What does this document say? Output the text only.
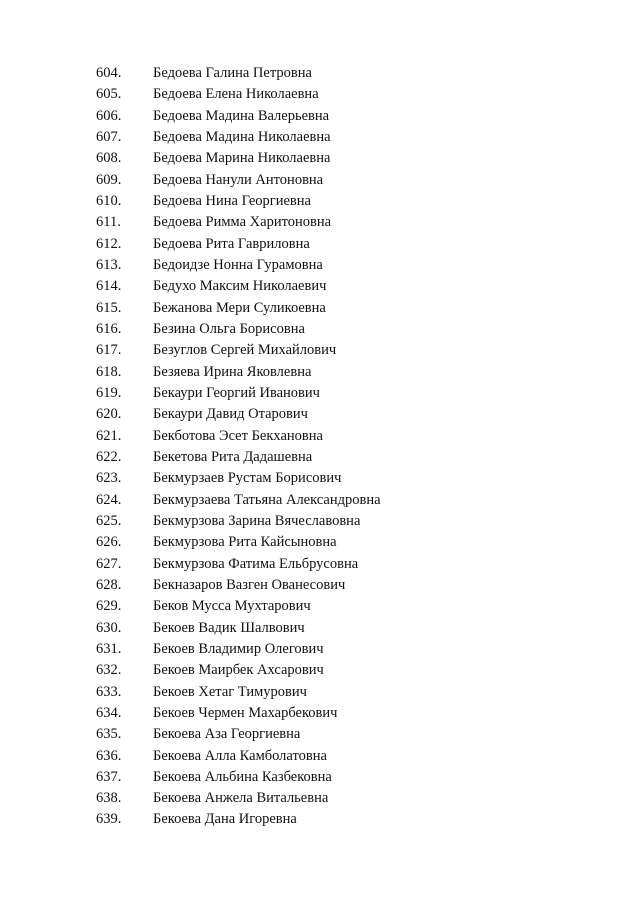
604.	Бедоева Галина Петровна
605.	Бедоева Елена Николаевна
606.	Бедоева Мадина Валерьевна
607.	Бедоева Мадина Николаевна
608.	Бедоева Марина Николаевна
609.	Бедоева Нанули Антоновна
610.	Бедоева Нина Георгиевна
611.	Бедоева Римма Харитоновна
612.	Бедоева Рита Гавриловна
613.	Бедоидзе Нонна Гурамовна
614.	Бедухо Максим Николаевич
615.	Бежанова Мери Суликоевна
616.	Безина Ольга Борисовна
617.	Безуглов Сергей Михайлович
618.	Безяева Ирина Яковлевна
619.	Бекаури Георгий Иванович
620.	Бекаури Давид Отарович
621.	Бекботова Эсет Бекхановна
622.	Бекетова Рита Дадашевна
623.	Бекмурзаев Рустам Борисович
624.	Бекмурзаева Татьяна Александровна
625.	Бекмурзова Зарина Вячеславовна
626.	Бекмурзова Рита Кайсыновна
627.	Бекмурзова Фатима Ельбрусовна
628.	Бекназаров Вазген Ованесович
629.	Беков Мусса Мухтарович
630.	Бекоев Вадик Шалвович
631.	Бекоев Владимир Олегович
632.	Бекоев Маирбек Ахсарович
633.	Бекоев Хетаг Тимурович
634.	Бекоев Чермен Махарбекович
635.	Бекоева Аза Георгиевна
636.	Бекоева Алла Камболатовна
637.	Бекоева Альбина Казбековна
638.	Бекоева Анжела Витальевна
639.	Бекоева Дана Игоревна
